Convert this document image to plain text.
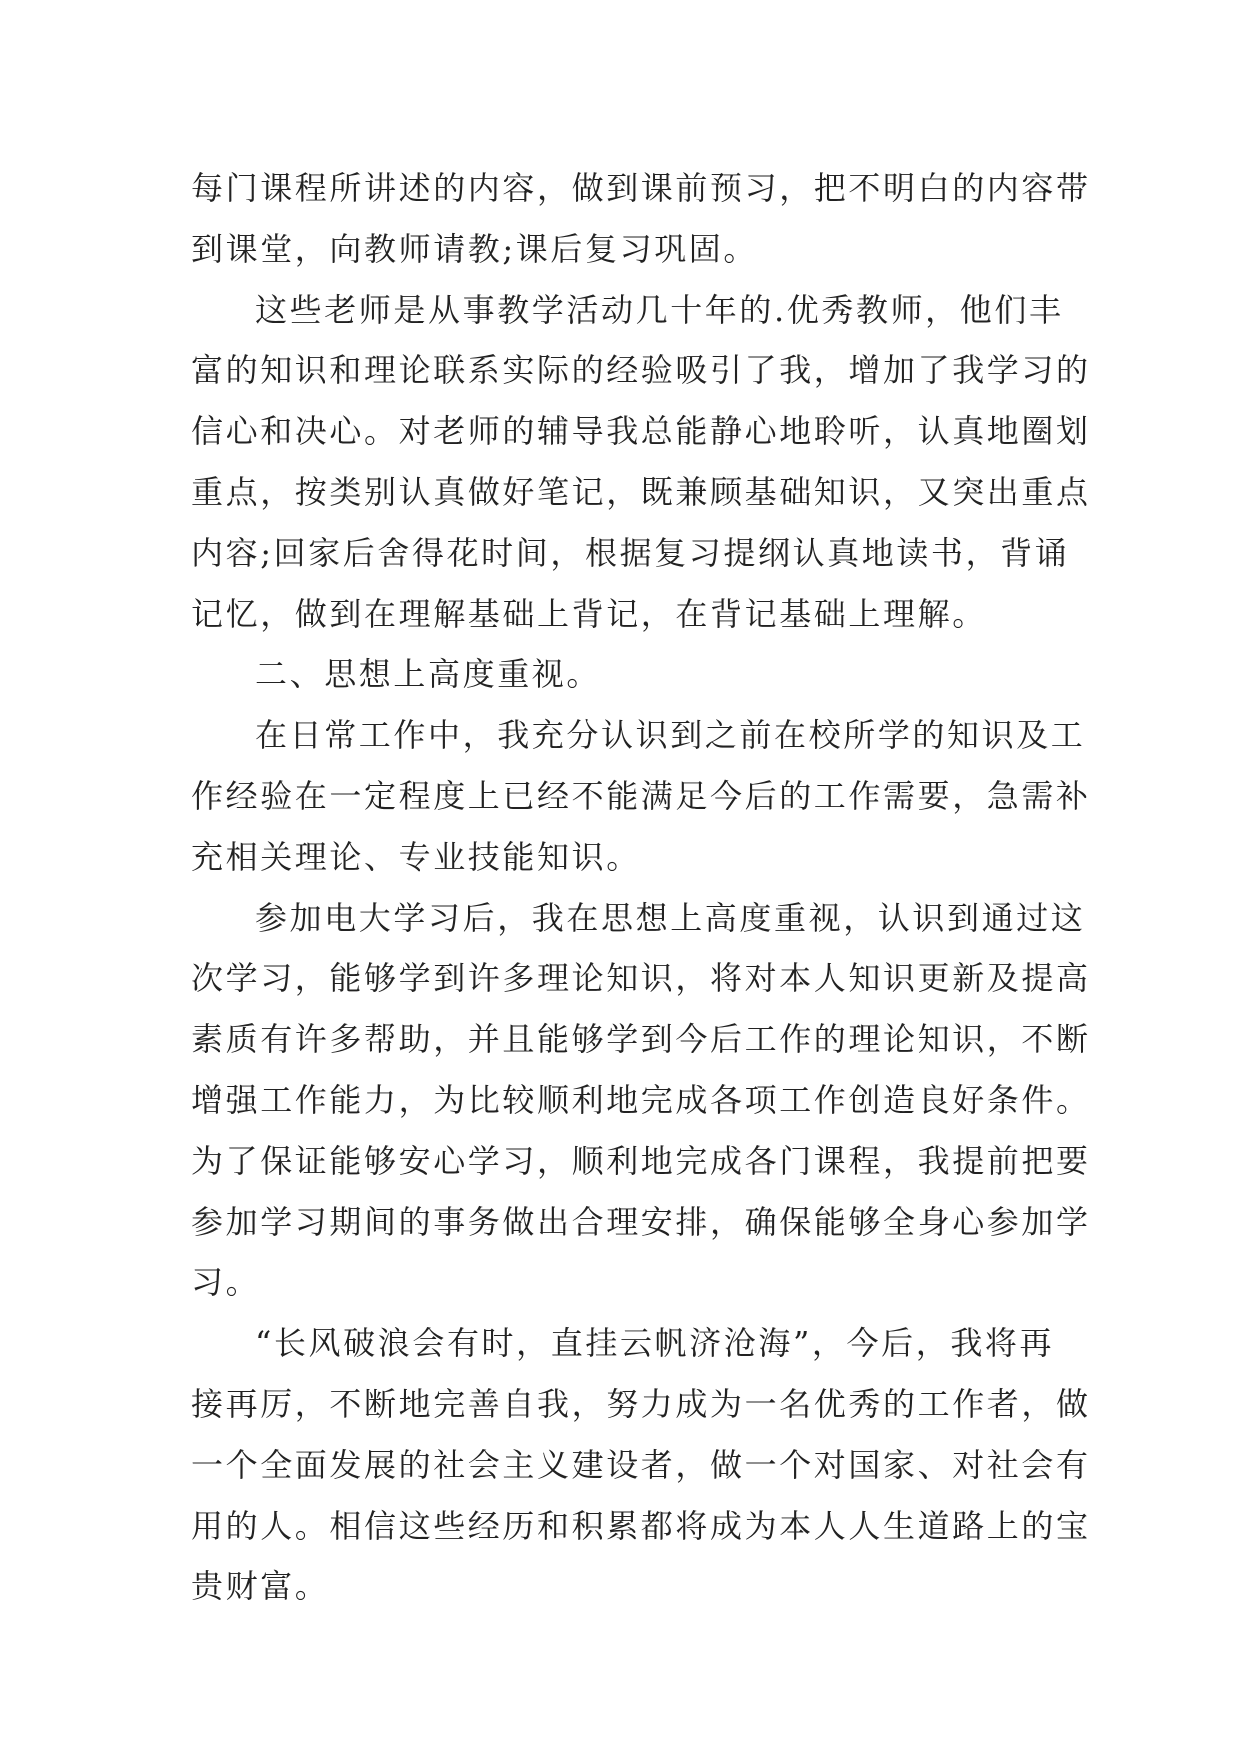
每门课程所讲述的内容，做到课前预习，把不明白的内容带
到课堂，向教师请教;课后复习巩固。
这些老师是从事教学活动几十年的.优秀教师，他们丰
富的知识和理论联系实际的经验吸引了我，增加了我学习的
信心和决心。对老师的辅导我总能静心地聆听，认真地圈划
重点，按类别认真做好笔记，既兼顾基础知识，又突出重点
内容;回家后舍得花时间，根据复习提纲认真地读书，背诵
记忆，做到在理解基础上背记，在背记基础上理解。
二、思想上高度重视。
在日常工作中，我充分认识到之前在校所学的知识及工
作经验在一定程度上已经不能满足今后的工作需要，急需补
充相关理论、专业技能知识。
参加电大学习后，我在思想上高度重视，认识到通过这
次学习，能够学到许多理论知识，将对本人知识更新及提高
素质有许多帮助，并且能够学到今后工作的理论知识，不断
增强工作能力，为比较顺利地完成各项工作创造良好条件。
为了保证能够安心学习，顺利地完成各门课程，我提前把要
参加学习期间的事务做出合理安排，确保能够全身心参加学
习。
“长风破浪会有时，直挂云帆济沧海”，今后，我将再
接再厉，不断地完善自我，努力成为一名优秀的工作者，做
一个全面发展的社会主义建设者，做一个对国家、对社会有
用的人。相信这些经历和积累都将成为本人人生道路上的宝
贵财富。
